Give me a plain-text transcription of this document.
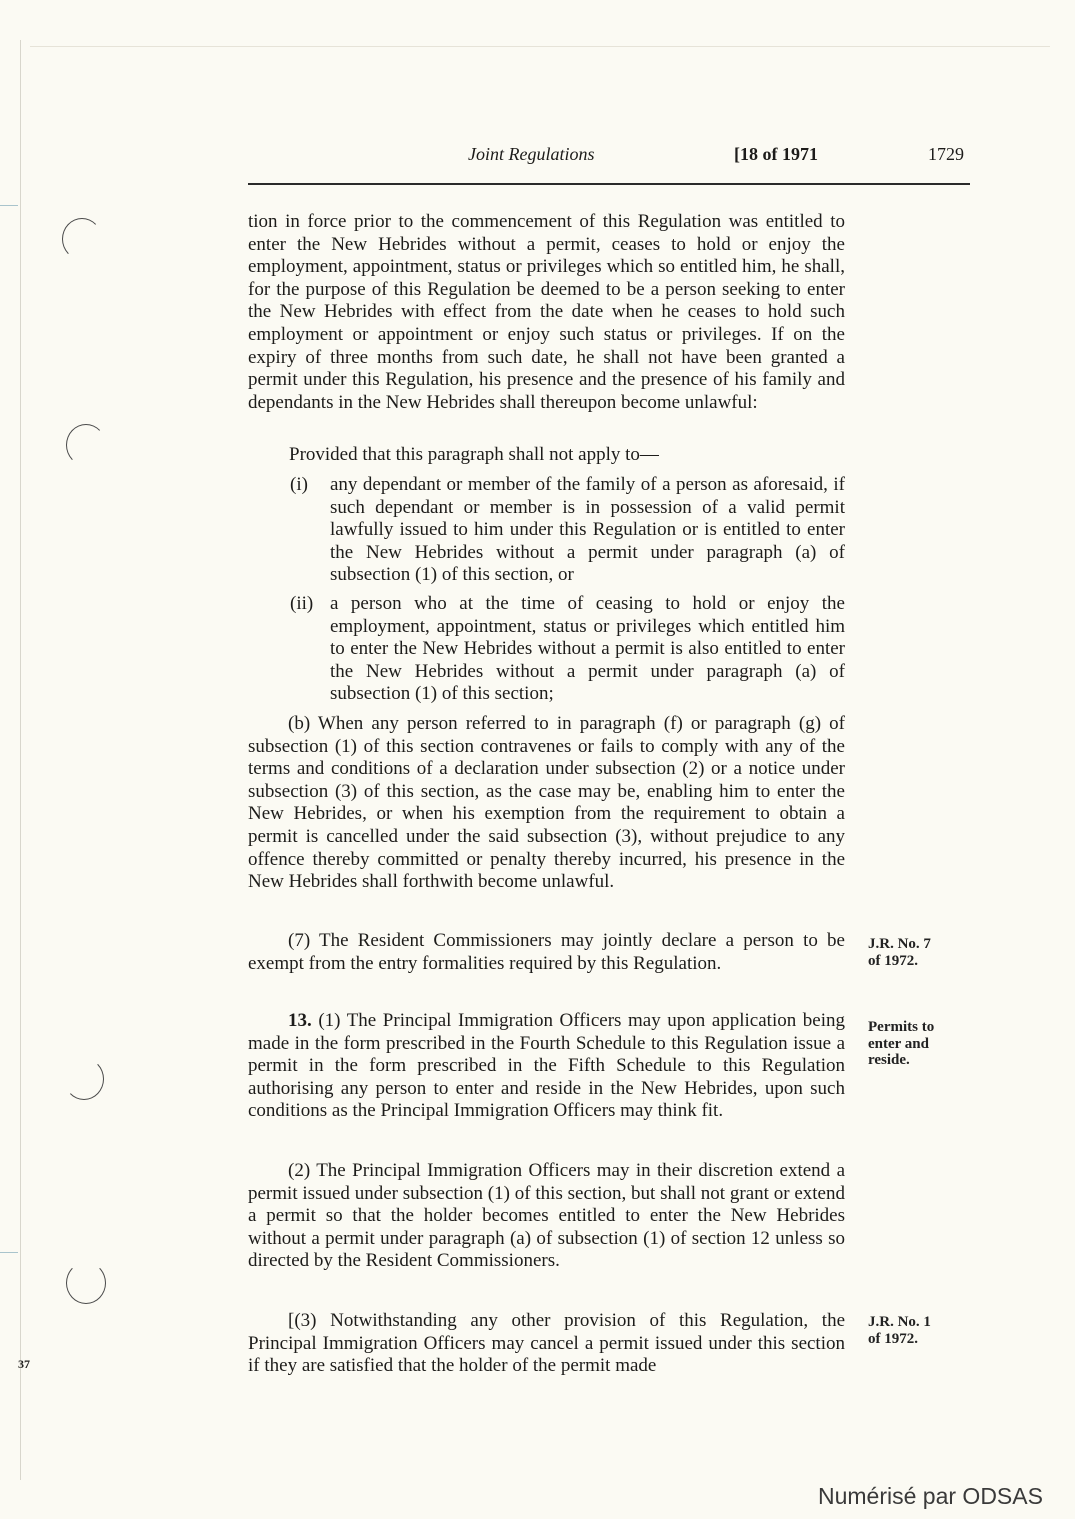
Joint Regulations	[18 of 1971	1729

tion in force prior to the commencement of this Regulation was entitled to enter the New Hebrides without a permit, ceases to hold or enjoy the employment, appointment, status or privileges which so entitled him, he shall, for the purpose of this Regulation be deemed to be a person seeking to enter the New Hebrides with effect from the date when he ceases to hold such employment or appointment or enjoy such status or privileges. If on the expiry of three months from such date, he shall not have been granted a permit under this Regulation, his presence and the presence of his family and dependants in the New Hebrides shall thereupon become unlawful:

Provided that this paragraph shall not apply to—

(i)	any dependant or member of the family of a person as aforesaid, if such dependant or member is in possession of a valid permit lawfully issued to him under this Regulation or is entitled to enter the New Hebrides without a permit under paragraph (a) of subsection (1) of this section, or
(ii) a person who at the time of ceasing to hold or enjoy the employment, appointment, status or privileges which entitled him to enter the New Hebrides without a permit is also entitled to enter the New Hebrides without a permit under paragraph (a) of subsection (1) of this section;

(b) When any person referred to in paragraph (f) or paragraph (g) of subsection (1) of this section contravenes or fails to comply with any of the terms and conditions of a declaration under subsection (2) or a notice under subsection (3) of this section, as the case may be, enabling him to enter the New Hebrides, or when his exemption from the requirement to obtain a permit is cancelled under the said subsection (3), without prejudice to any offence thereby committed or penalty thereby incurred, his presence in the New Hebrides shall forthwith become unlawful.

(7) The Resident Commissioners may jointly declare a person to be exempt from the entry formalities required by this Regulation.

13. (1) The Principal Immigration Officers may upon application being made in the form prescribed in the Fourth Schedule to this Regulation issue a permit in the form prescribed in the Fifth Schedule to this Regulation authorising any person to enter and reside in the New Hebrides, upon such conditions as the Principal Immigration Officers may think fit.

(2) The Principal Immigration Officers may in their discretion extend a permit issued under subsection (1) of this section, but shall not grant or extend a permit so that the holder becomes entitled to enter the New Hebrides without a permit under paragraph (a) of subsection (1) of section 12 unless so directed by the Resident Commissioners.

[(3) Notwithstanding any other provision of this Regulation, the Principal Immigration Officers may cancel a permit issued under this section if they are satisfied that the holder of the permit made

J.R. No. 7
of 1972.
Permits to
enter and
reside.
J.R. No. 1
of 1972.
37
Numérisé par ODSAS
